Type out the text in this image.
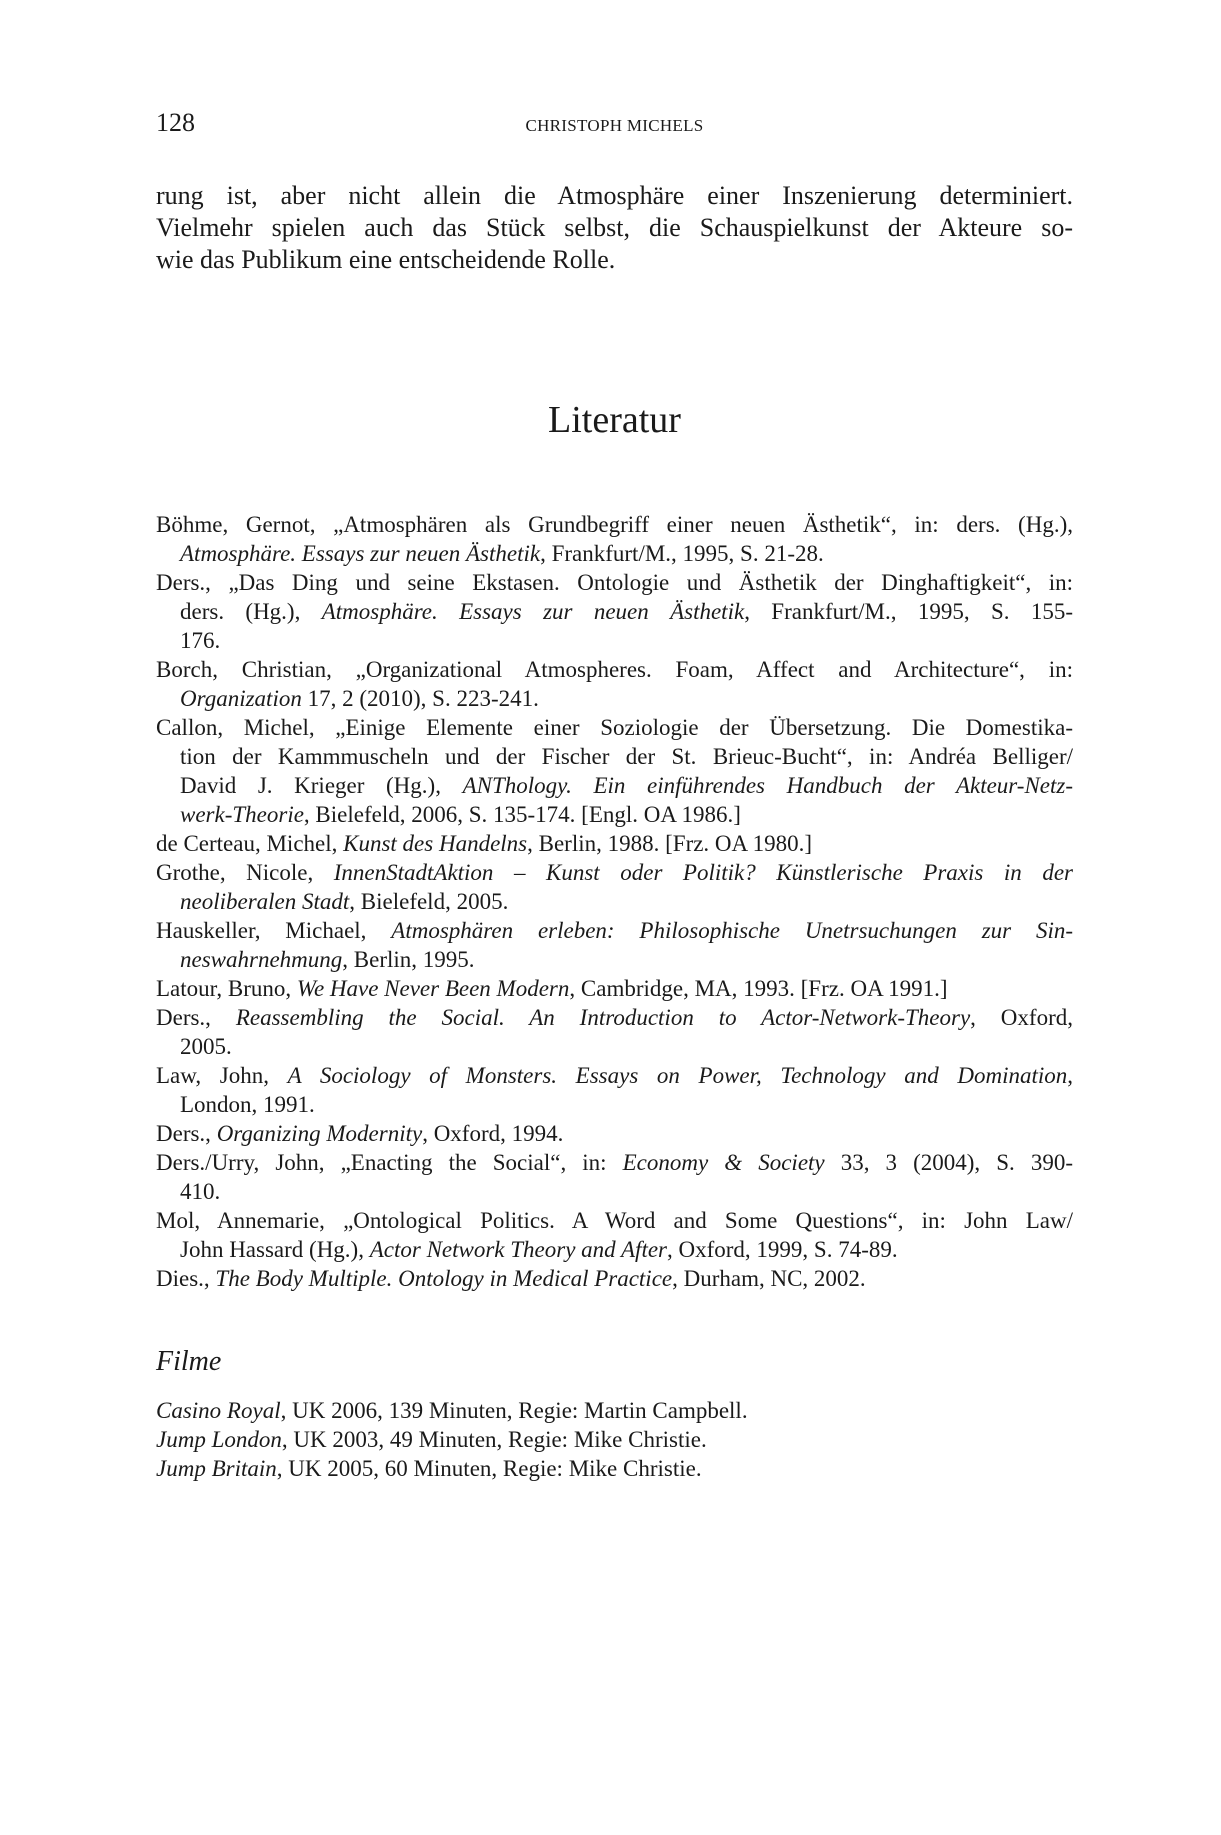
128	CHRISTOPH MICHELS
rung ist, aber nicht allein die Atmosphäre einer Inszenierung determiniert.
Vielmehr spielen auch das Stück selbst, die Schauspielkunst der Akteure so-
wie das Publikum eine entscheidende Rolle.
Literatur
Böhme, Gernot, „Atmosphären als Grundbegriff einer neuen Ästhetik“, in: ders. (Hg.),
Atmosphäre. Essays zur neuen Ästhetik, Frankfurt/M., 1995, S. 21-28.
Ders., „Das Ding und seine Ekstasen. Ontologie und Ästhetik der Dinghaftigkeit“, in:
ders. (Hg.), Atmosphäre. Essays zur neuen Ästhetik, Frankfurt/M., 1995, S. 155-
176.
Borch, Christian, „Organizational Atmospheres. Foam, Affect and Architecture“, in:
Organization 17, 2 (2010), S. 223-241.
Callon, Michel, „Einige Elemente einer Soziologie der Übersetzung. Die Domestika-
tion der Kammmuscheln und der Fischer der St. Brieuc-Bucht“, in: Andréa Belliger/
David J. Krieger (Hg.), ANThology. Ein einführendes Handbuch der Akteur-Netz-
werk-Theorie, Bielefeld, 2006, S. 135-174. [Engl. OA 1986.]
de Certeau, Michel, Kunst des Handelns, Berlin, 1988. [Frz. OA 1980.]
Grothe, Nicole, InnenStadtAktion – Kunst oder Politik? Künstlerische Praxis in der
neoliberalen Stadt, Bielefeld, 2005.
Hauskeller, Michael, Atmosphären erleben: Philosophische Unetrsuchungen zur Sin-
neswahrnehmung, Berlin, 1995.
Latour, Bruno, We Have Never Been Modern, Cambridge, MA, 1993. [Frz. OA 1991.]
Ders., Reassembling the Social. An Introduction to Actor-Network-Theory, Oxford,
2005.
Law, John, A Sociology of Monsters. Essays on Power, Technology and Domination,
London, 1991.
Ders., Organizing Modernity, Oxford, 1994.
Ders./Urry, John, „Enacting the Social“, in: Economy & Society 33, 3 (2004), S. 390-
410.
Mol, Annemarie, „Ontological Politics. A Word and Some Questions“, in: John Law/
John Hassard (Hg.), Actor Network Theory and After, Oxford, 1999, S. 74-89.
Dies., The Body Multiple. Ontology in Medical Practice, Durham, NC, 2002.
Filme
Casino Royal, UK 2006, 139 Minuten, Regie: Martin Campbell.
Jump London, UK 2003, 49 Minuten, Regie: Mike Christie.
Jump Britain, UK 2005, 60 Minuten, Regie: Mike Christie.
